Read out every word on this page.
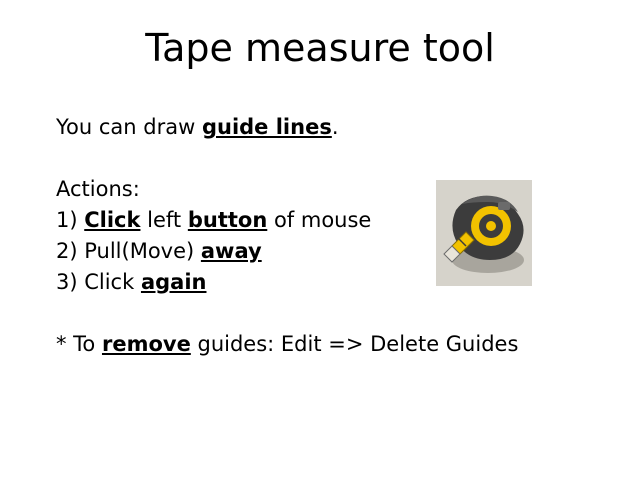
Tape measure tool
You can draw guide lines.
Actions:
1) Click left button of mouse
2) Pull(Move) away
3) Click again
* To remove guides: Edit => Delete Guides
